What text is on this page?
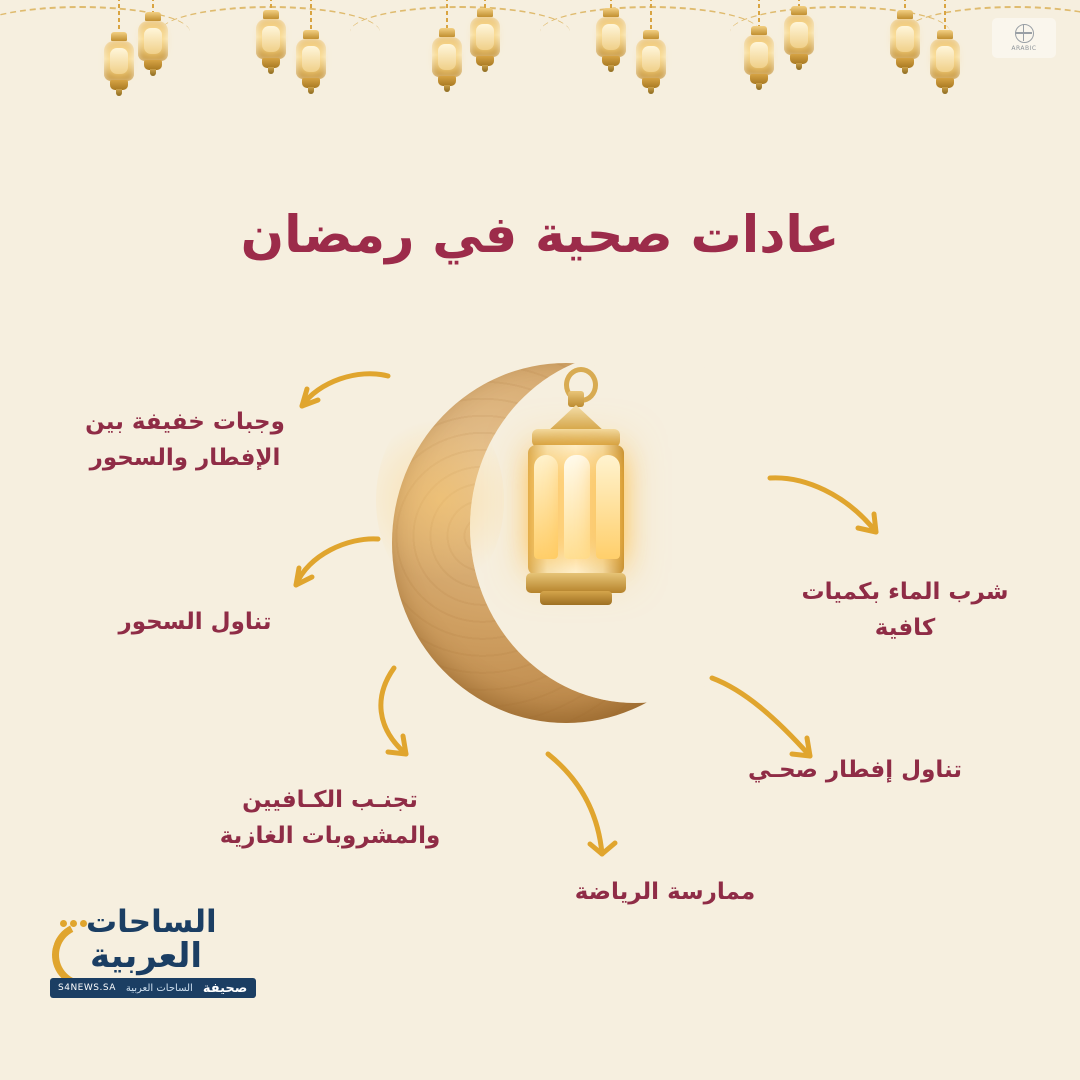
ARABIC
عادات صحية في رمضان
وجبات خفيفة بين
الإفطار والسحور
تناول السحور
تجنـب الكـافيين
والمشروبات الغازية
شرب الماء بكميات
كافية
تناول إفطار صحـي
ممارسة الرياضة
الساحات
العربية
صحيفة
الساحات العربية
S4NEWS.SA
